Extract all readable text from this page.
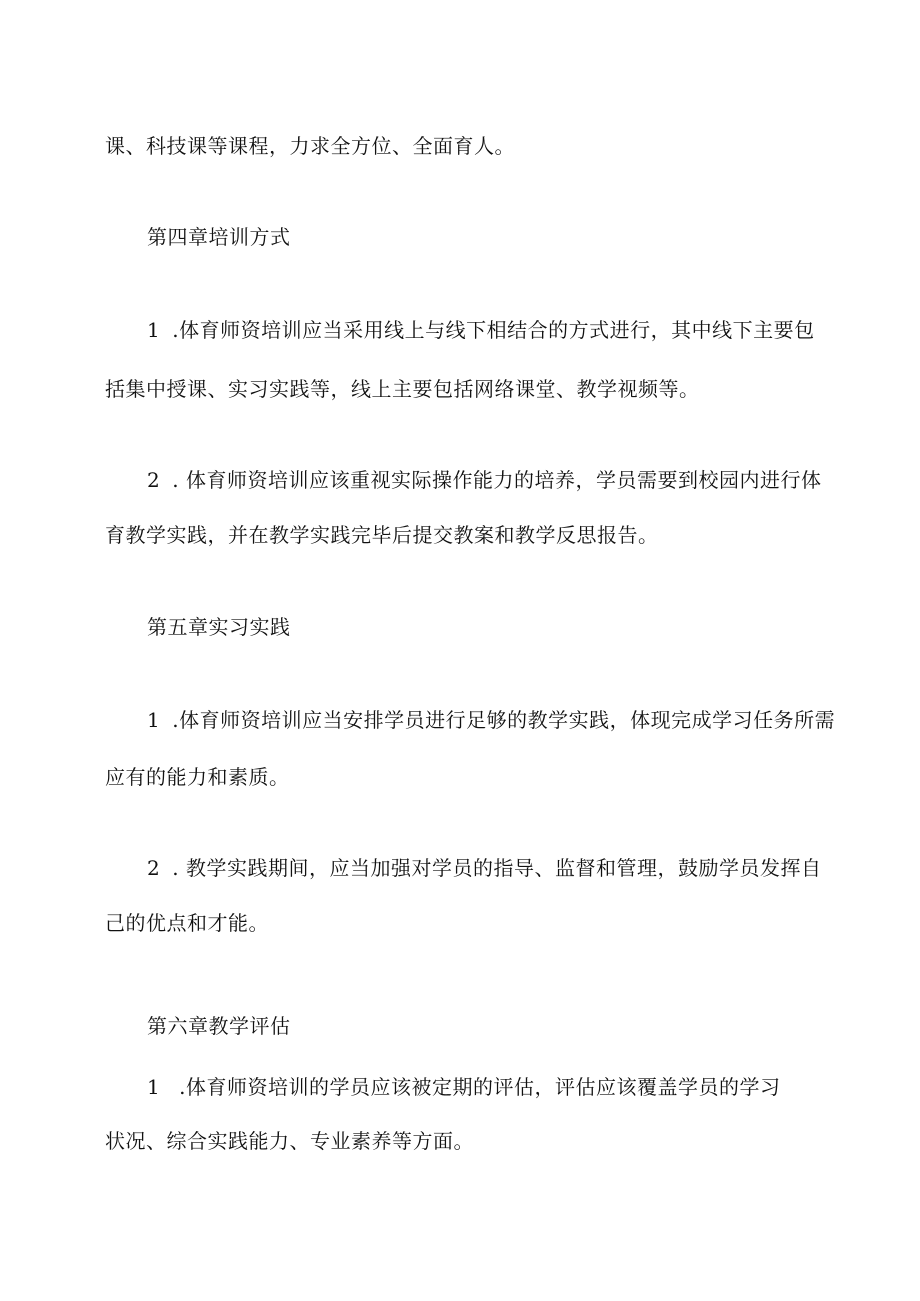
课、科技课等课程，力求全方位、全面育人。
第四章培训方式
1 .体育师资培训应当采用线上与线下相结合的方式进行，其中线下主要包
括集中授课、实习实践等，线上主要包括网络课堂、教学视频等。
2 . 体育师资培训应该重视实际操作能力的培养，学员需要到校园内进行体
育教学实践，并在教学实践完毕后提交教案和教学反思报告。
第五章实习实践
1 .体育师资培训应当安排学员进行足够的教学实践，体现完成学习任务所需
应有的能力和素质。
2 . 教学实践期间，应当加强对学员的指导、监督和管理，鼓励学员发挥自
己的优点和才能。
第六章教学评估
1 .体育师资培训的学员应该被定期的评估，评估应该覆盖学员的学习
状况、综合实践能力、专业素养等方面。
